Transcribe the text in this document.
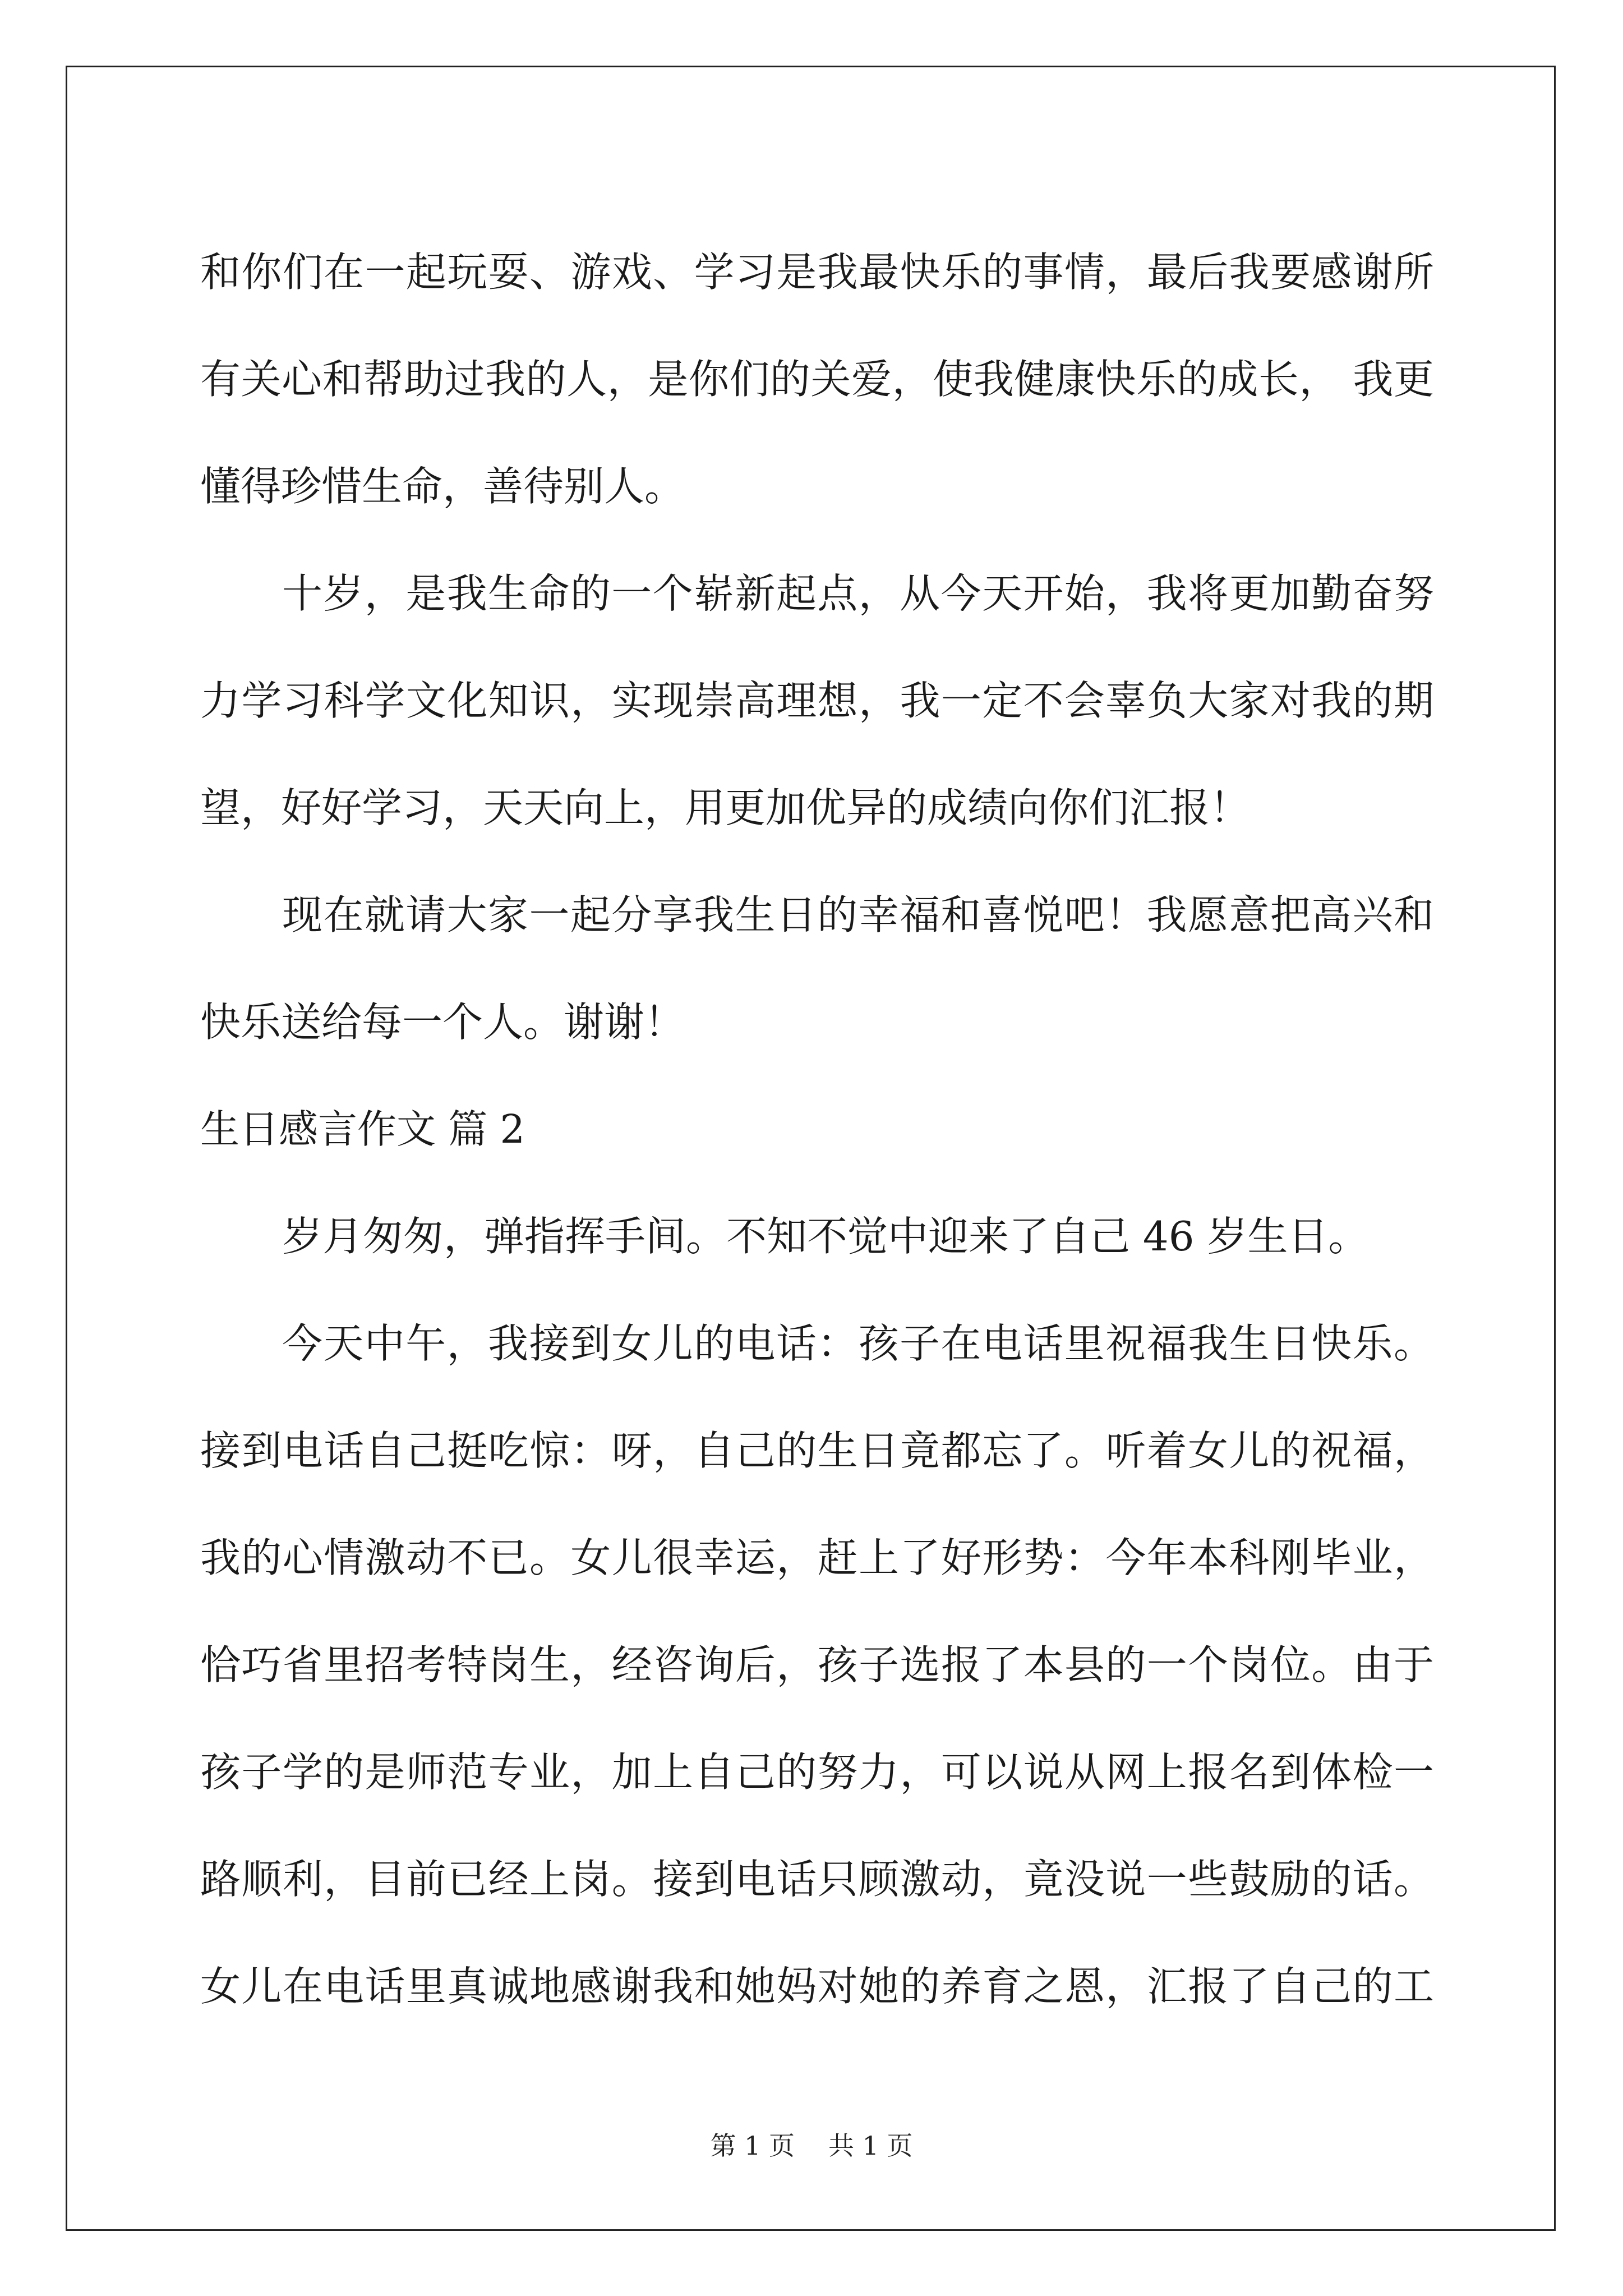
和你们在一起玩耍、游戏、学习是我最快乐的事情，最后我要感谢所
有关心和帮助过我的人，是你们的关爱，使我健康快乐的成长， 我更
懂得珍惜生命，善待别人。
十岁，是我生命的一个崭新起点，从今天开始，我将更加勤奋努
力学习科学文化知识，实现崇高理想，我一定不会辜负大家对我的期
望，好好学习，天天向上，用更加优异的成绩向你们汇报！
现在就请大家一起分享我生日的幸福和喜悦吧！我愿意把高兴和
快乐送给每一个人。谢谢！
生日感言作文 篇 2
岁月匆匆，弹指挥手间。不知不觉中迎来了自己 46 岁生日。
今天中午，我接到女儿的电话：孩子在电话里祝福我生日快乐。
接到电话自己挺吃惊：呀，自己的生日竟都忘了。听着女儿的祝福，
我的心情激动不已。女儿很幸运，赶上了好形势：今年本科刚毕业，
恰巧省里招考特岗生，经咨询后，孩子选报了本县的一个岗位。由于
孩子学的是师范专业，加上自己的努力，可以说从网上报名到体检一
路顺利，目前已经上岗。接到电话只顾激动，竟没说一些鼓励的话。
女儿在电话里真诚地感谢我和她妈对她的养育之恩，汇报了自己的工
第 1 页 共 1 页
